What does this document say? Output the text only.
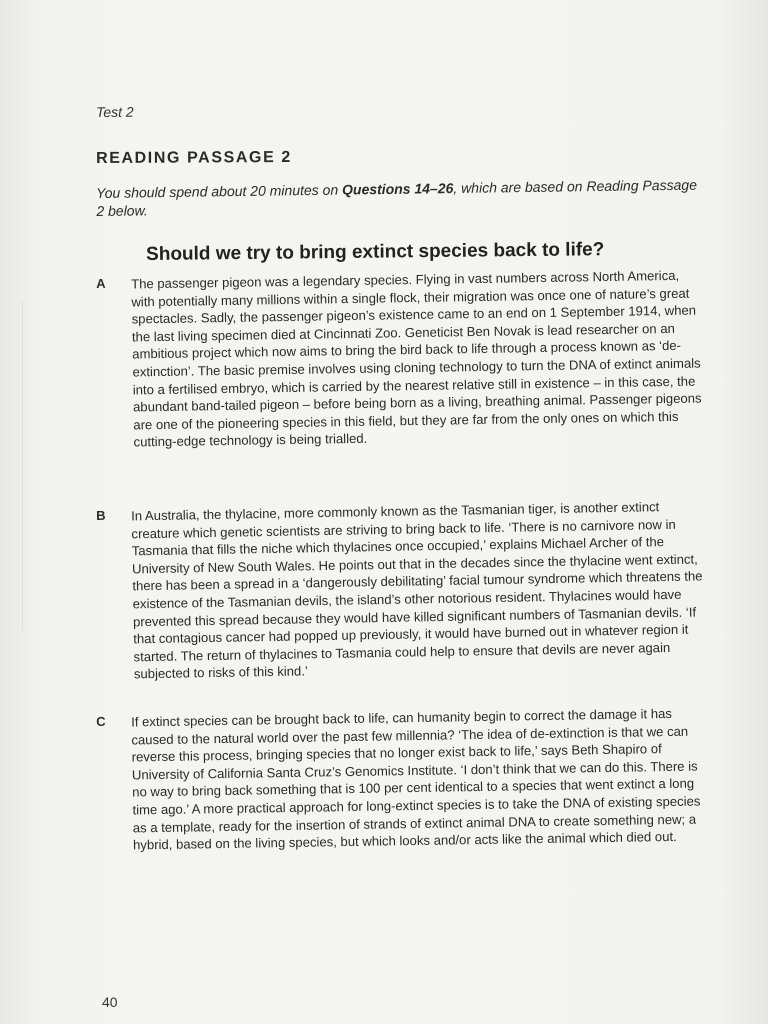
Test 2
READING PASSAGE 2
You should spend about 20 minutes on Questions 14–26, which are based on Reading Passage 2 below.
Should we try to bring extinct species back to life?
A The passenger pigeon was a legendary species. Flying in vast numbers across North America, with potentially many millions within a single flock, their migration was once one of nature’s great spectacles. Sadly, the passenger pigeon’s existence came to an end on 1 September 1914, when the last living specimen died at Cincinnati Zoo. Geneticist Ben Novak is lead researcher on an ambitious project which now aims to bring the bird back to life through a process known as ‘de-extinction’. The basic premise involves using cloning technology to turn the DNA of extinct animals into a fertilised embryo, which is carried by the nearest relative still in existence – in this case, the abundant band-tailed pigeon – before being born as a living, breathing animal. Passenger pigeons are one of the pioneering species in this field, but they are far from the only ones on which this cutting-edge technology is being trialled.
B In Australia, the thylacine, more commonly known as the Tasmanian tiger, is another extinct creature which genetic scientists are striving to bring back to life. ‘There is no carnivore now in Tasmania that fills the niche which thylacines once occupied,’ explains Michael Archer of the University of New South Wales. He points out that in the decades since the thylacine went extinct, there has been a spread in a ‘dangerously debilitating’ facial tumour syndrome which threatens the existence of the Tasmanian devils, the island’s other notorious resident. Thylacines would have prevented this spread because they would have killed significant numbers of Tasmanian devils. ‘If that contagious cancer had popped up previously, it would have burned out in whatever region it started. The return of thylacines to Tasmania could help to ensure that devils are never again subjected to risks of this kind.’
C If extinct species can be brought back to life, can humanity begin to correct the damage it has caused to the natural world over the past few millennia? ‘The idea of de-extinction is that we can reverse this process, bringing species that no longer exist back to life,’ says Beth Shapiro of University of California Santa Cruz’s Genomics Institute. ‘I don’t think that we can do this. There is no way to bring back something that is 100 per cent identical to a species that went extinct a long time ago.’ A more practical approach for long-extinct species is to take the DNA of existing species as a template, ready for the insertion of strands of extinct animal DNA to create something new; a hybrid, based on the living species, but which looks and/or acts like the animal which died out.
40
